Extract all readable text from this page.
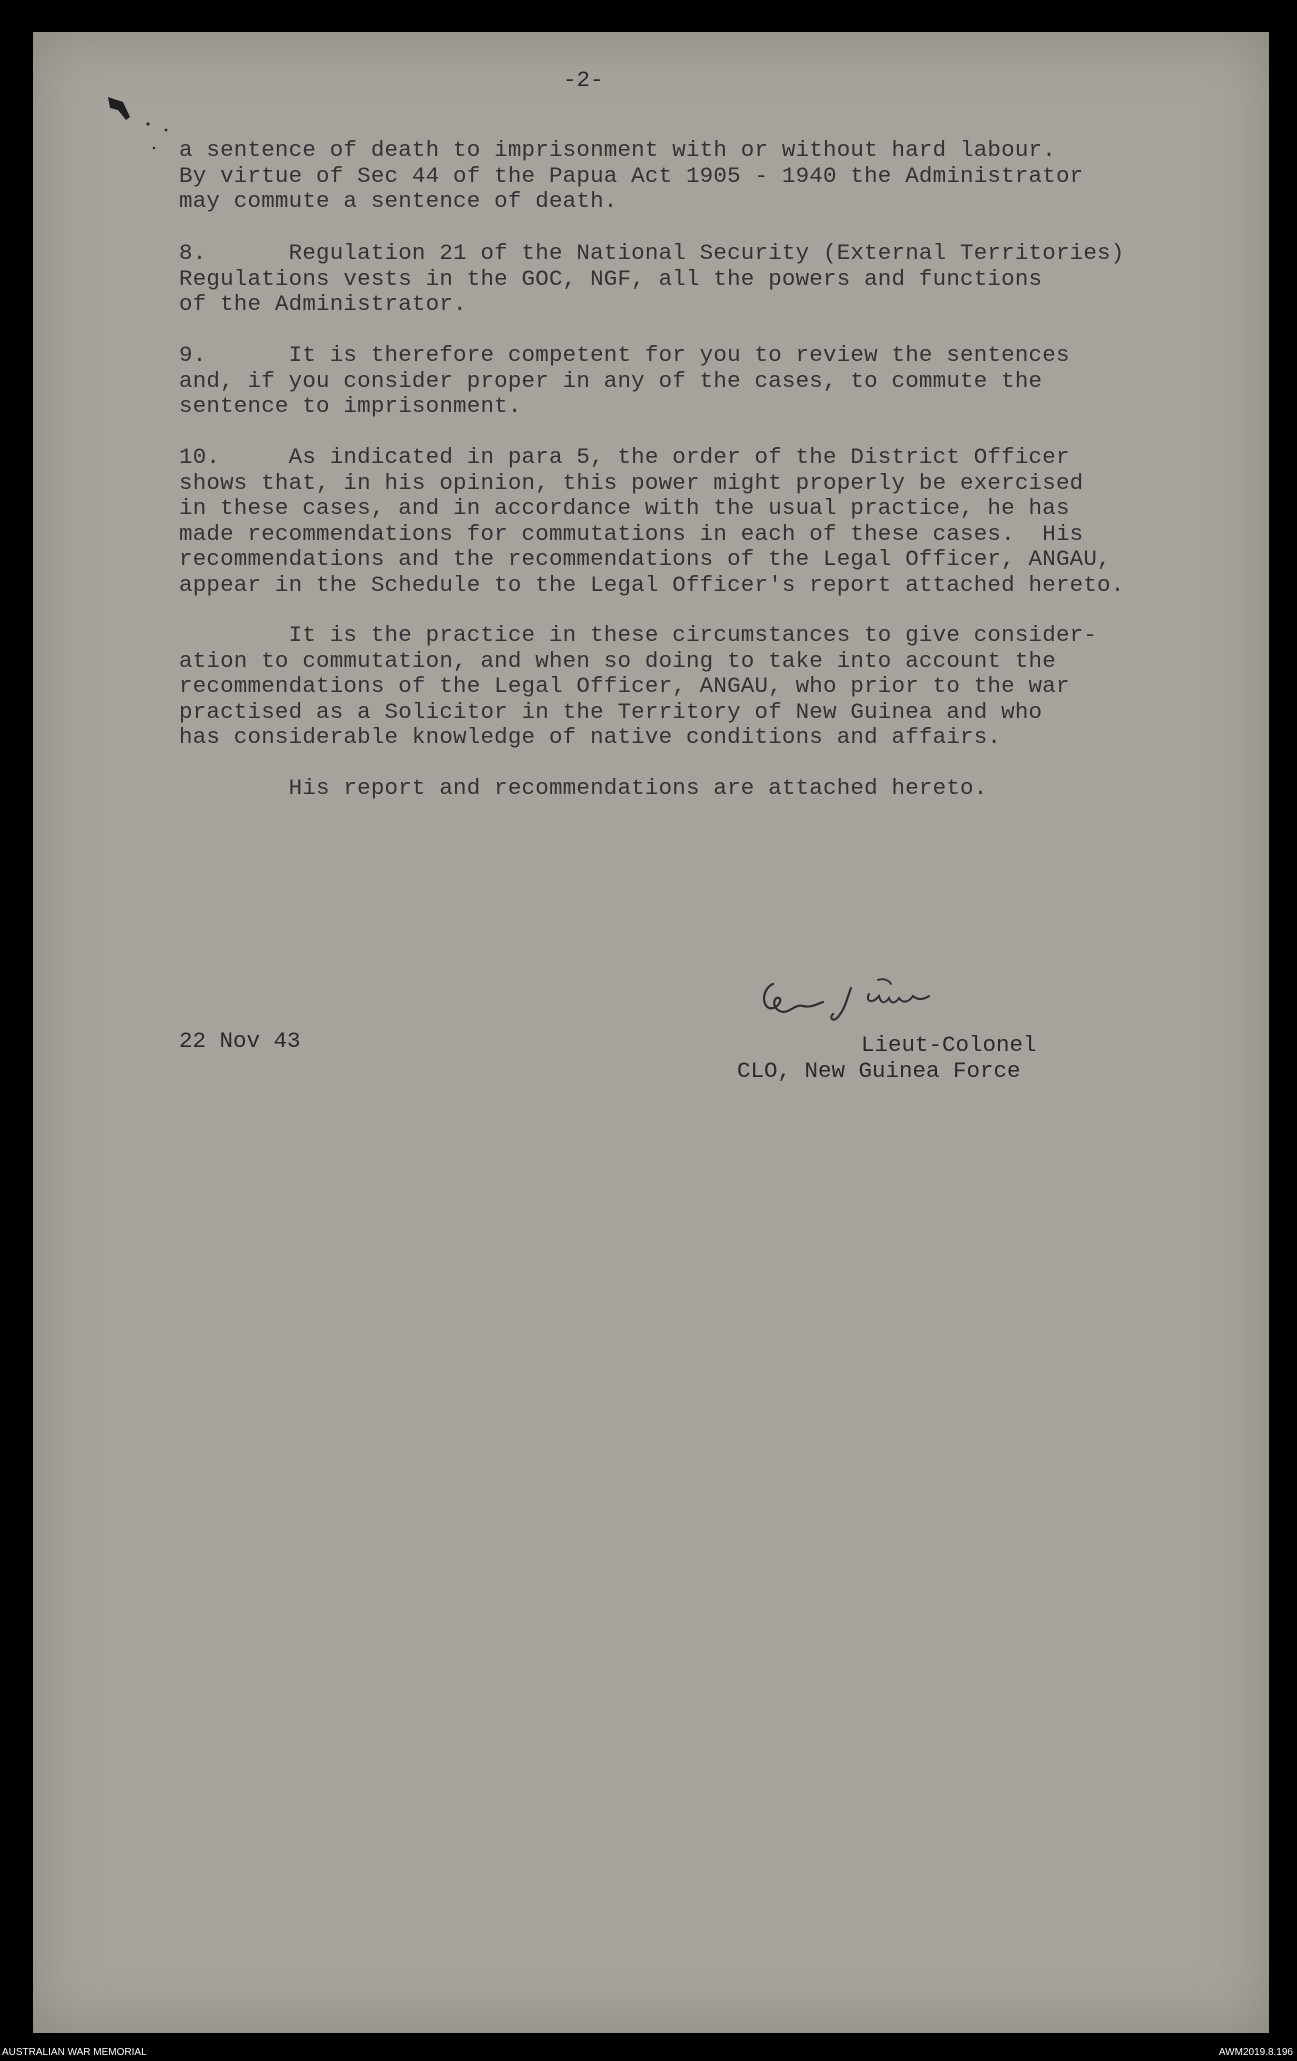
-2-
a sentence of death to imprisonment with or without hard labour.
By virtue of Sec 44 of the Papua Act 1905 - 1940 the Administrator
may commute a sentence of death.
8.      Regulation 21 of the National Security (External Territories)
Regulations vests in the GOC, NGF, all the powers and functions
of the Administrator.
9.      It is therefore competent for you to review the sentences
and, if you consider proper in any of the cases, to commute the
sentence to imprisonment.
10.     As indicated in para 5, the order of the District Officer
shows that, in his opinion, this power might properly be exercised
in these cases, and in accordance with the usual practice, he has
made recommendations for commutations in each of these cases.  His
recommendations and the recommendations of the Legal Officer, ANGAU,
appear in the Schedule to the Legal Officer's report attached hereto.
It is the practice in these circumstances to give consider-
ation to commutation, and when so doing to take into account the
recommendations of the Legal Officer, ANGAU, who prior to the war
practised as a Solicitor in the Territory of New Guinea and who
has considerable knowledge of native conditions and affairs.
His report and recommendations are attached hereto.
22 Nov 43	Lieut-Colonel
CLO, New Guinea Force
AUSTRALIAN WAR MEMORIAL	AWM2019.8.196
